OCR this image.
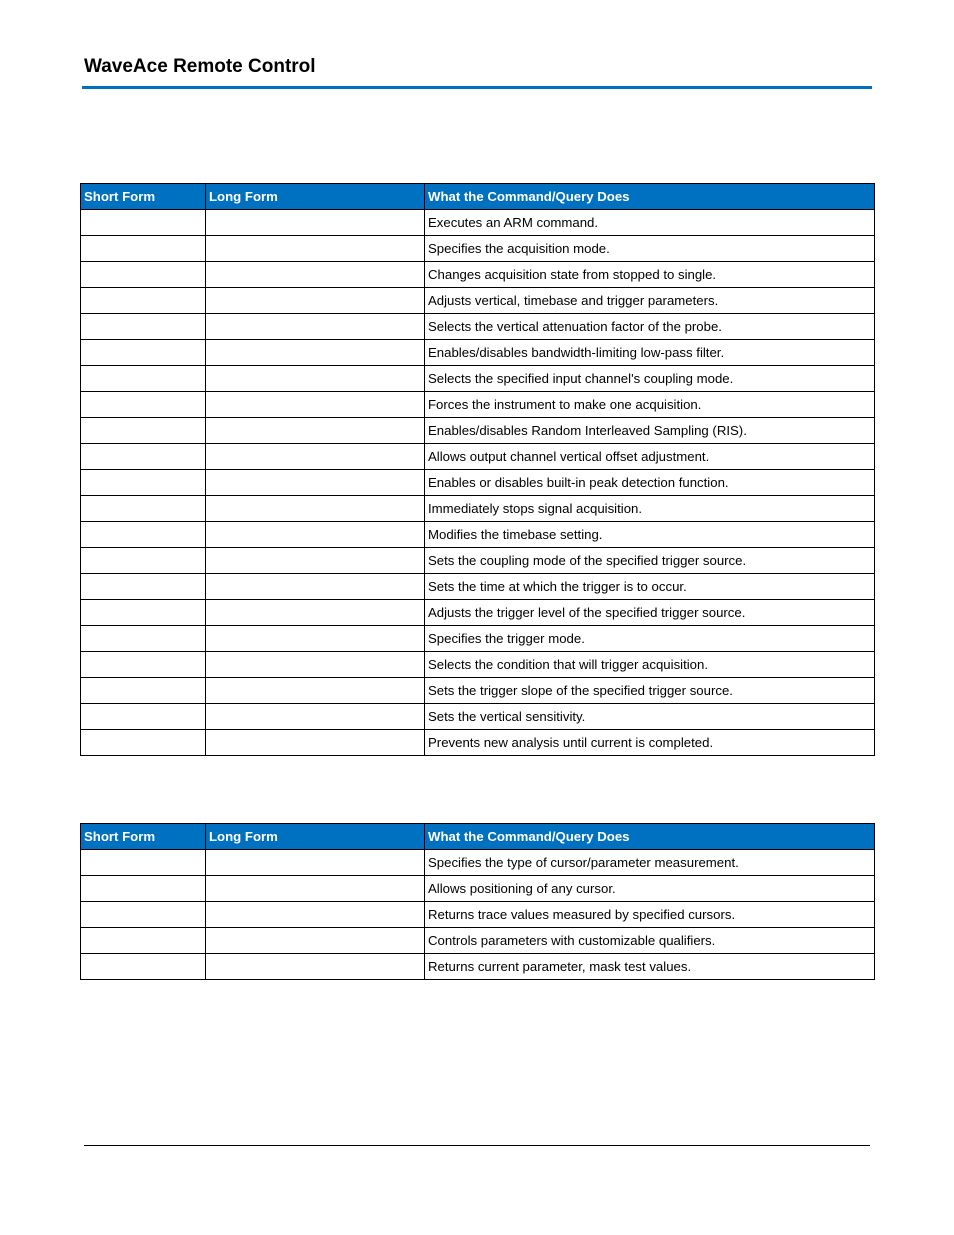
WaveAce Remote Control
Short Form	Long Form	What the Command/Query Does
		Executes an ARM command.
		Specifies the acquisition mode.
		Changes acquisition state from stopped to single.
		Adjusts vertical, timebase and trigger parameters.
		Selects the vertical attenuation factor of the probe.
		Enables/disables bandwidth-limiting low-pass filter.
		Selects the specified input channel's coupling mode.
		Forces the instrument to make one acquisition.
		Enables/disables Random Interleaved Sampling (RIS).
		Allows output channel vertical offset adjustment.
		Enables or disables built-in peak detection function.
		Immediately stops signal acquisition.
		Modifies the timebase setting.
		Sets the coupling mode of the specified trigger source.
		Sets the time at which the trigger is to occur.
		Adjusts the trigger level of the specified trigger source.
		Specifies the trigger mode.
		Selects the condition that will trigger acquisition.
		Sets the trigger slope of the specified trigger source.
		Sets the vertical sensitivity.
		Prevents new analysis until current is completed.
Short Form	Long Form	What the Command/Query Does
		Specifies the type of cursor/parameter measurement.
		Allows positioning of any cursor.
		Returns trace values measured by specified cursors.
		Controls parameters with customizable qualifiers.
		Returns current parameter, mask test values.
